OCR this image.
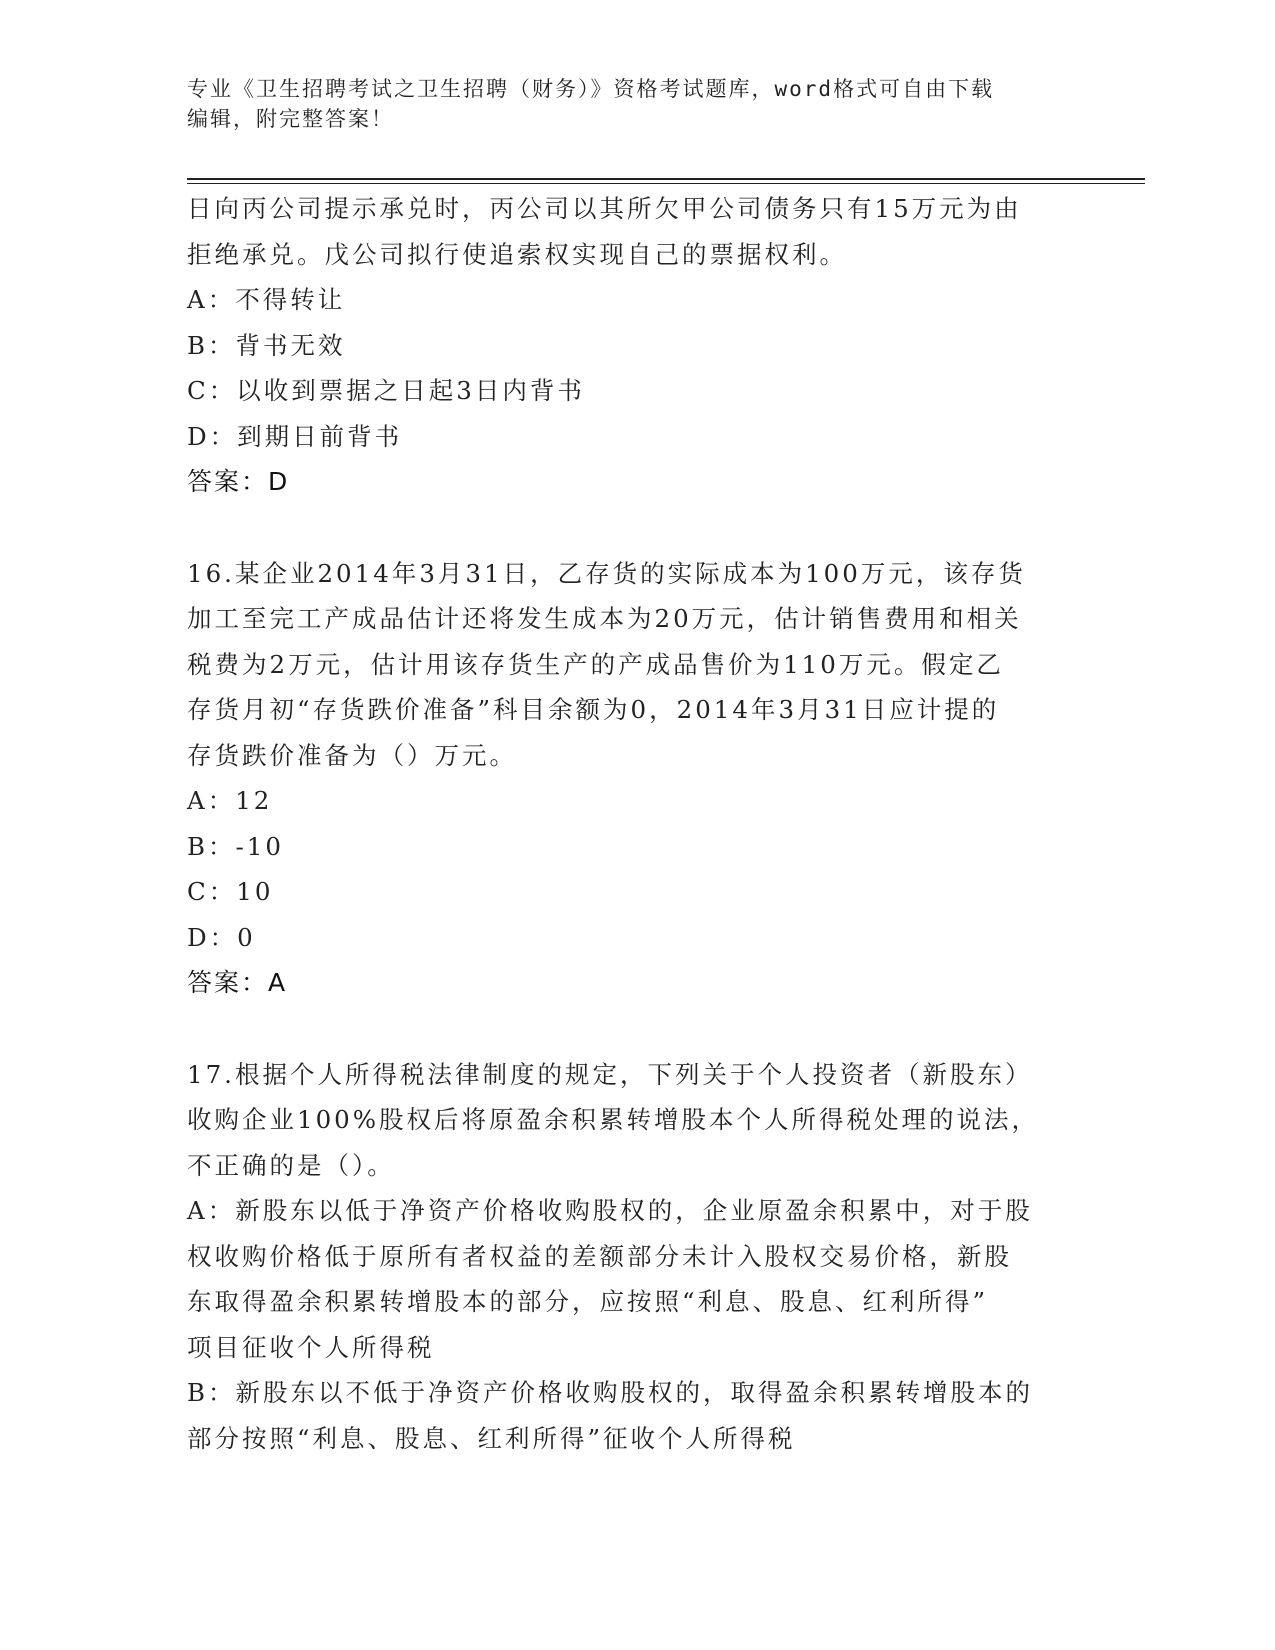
专业《卫生招聘考试之卫生招聘（财务）》资格考试题库，word格式可自由下载
编辑，附完整答案！

日向丙公司提示承兑时，丙公司以其所欠甲公司债务只有15万元为由

拒绝承兑。戊公司拟行使追索权实现自己的票据权利。

A：不得转让

B：背书无效

C：以收到票据之日起3日内背书

D：到期日前背书

答案：D

16.某企业2014年3月31日，乙存货的实际成本为100万元，该存货

加工至完工产成品估计还将发生成本为20万元，估计销售费用和相关

税费为2万元，估计用该存货生产的产成品售价为110万元。假定乙

存货月初“存货跌价准备”科目余额为0，2014年3月31日应计提的

存货跌价准备为（）万元。

A：12

B：-10

C：10

D：0

答案：A

17.根据个人所得税法律制度的规定，下列关于个人投资者（新股东）

收购企业100%股权后将原盈余积累转增股本个人所得税处理的说法，

不正确的是（）。

A：新股东以低于净资产价格收购股权的，企业原盈余积累中，对于股

权收购价格低于原所有者权益的差额部分未计入股权交易价格，新股

东取得盈余积累转增股本的部分，应按照“利息、股息、红利所得”

项目征收个人所得税

B：新股东以不低于净资产价格收购股权的，取得盈余积累转增股本的

部分按照“利息、股息、红利所得”征收个人所得税
